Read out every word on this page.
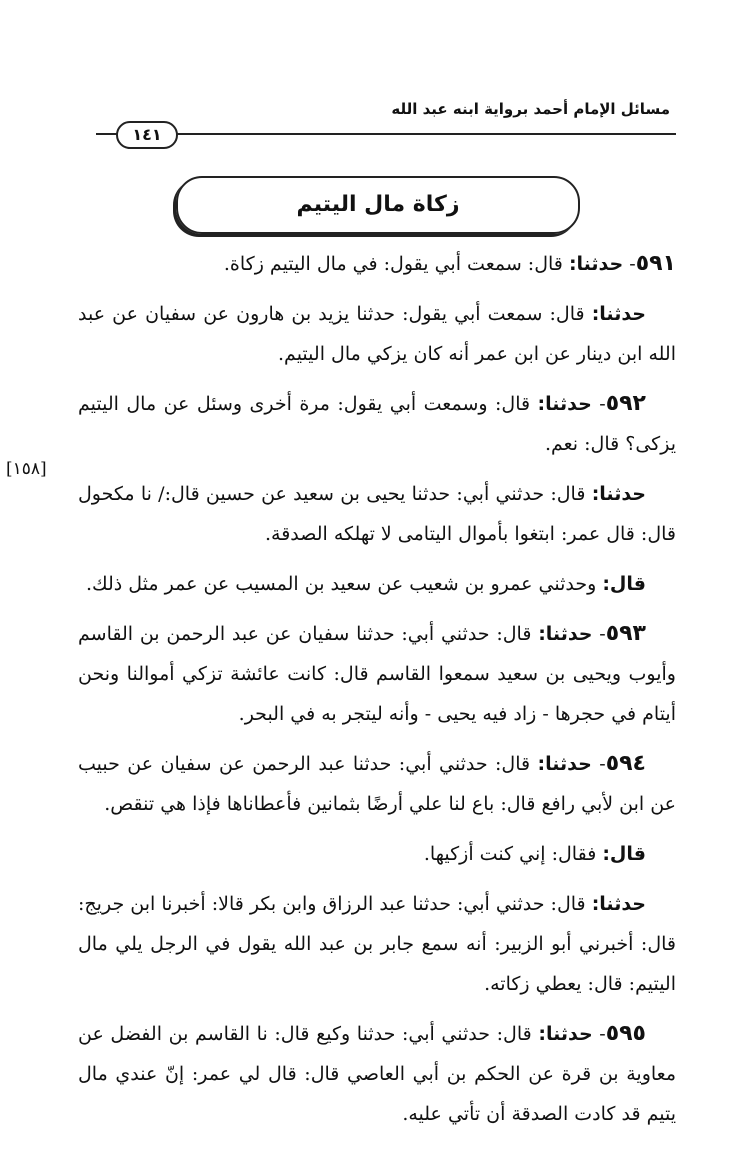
مسائل الإمام أحمد برواية ابنه عبد الله
١٤١
زكاة مال اليتيم
[١٥٨]

٥٩١- حدثنا: قال: سمعت أبي يقول: في مال اليتيم زكاة.

حدثنا: قال: سمعت أبي يقول: حدثنا يزيد بن هارون عن سفيان عن عبد الله ابن دينار عن ابن عمر أنه كان يزكي مال اليتيم.

٥٩٢- حدثنا: قال: وسمعت أبي يقول: مرة أخرى وسئل عن مال اليتيم يزكى؟ قال: نعم.

حدثنا: قال: حدثني أبي: حدثنا يحيى بن سعيد عن حسين قال:/ نا مكحول قال: قال عمر: ابتغوا بأموال اليتامى لا تهلكه الصدقة.

قال: وحدثني عمرو بن شعيب عن سعيد بن المسيب عن عمر مثل ذلك.

٥٩٣- حدثنا: قال: حدثني أبي: حدثنا سفيان عن عبد الرحمن بن القاسم وأيوب ويحيى بن سعيد سمعوا القاسم قال: كانت عائشة تزكي أموالنا ونحن أيتام في حجرها - زاد فيه يحيى - وأنه ليتجر به في البحر.

٥٩٤- حدثنا: قال: حدثني أبي: حدثنا عبد الرحمن عن سفيان عن حبيب عن ابن لأبي رافع قال: باع لنا علي أرضًا بثمانين فأعطاناها فإذا هي تنقص.

قال: فقال: إني كنت أزكيها.

حدثنا: قال: حدثني أبي: حدثنا عبد الرزاق وابن بكر قالا: أخبرنا ابن جريج: قال: أخبرني أبو الزبير: أنه سمع جابر بن عبد الله يقول في الرجل يلي مال اليتيم: قال: يعطي زكاته.

٥٩٥- حدثنا: قال: حدثني أبي: حدثنا وكيع قال: نا القاسم بن الفضل عن معاوية بن قرة عن الحكم بن أبي العاصي قال: قال لي عمر: إنّ عندي مال يتيم قد كادت الصدقة أن تأتي عليه.
